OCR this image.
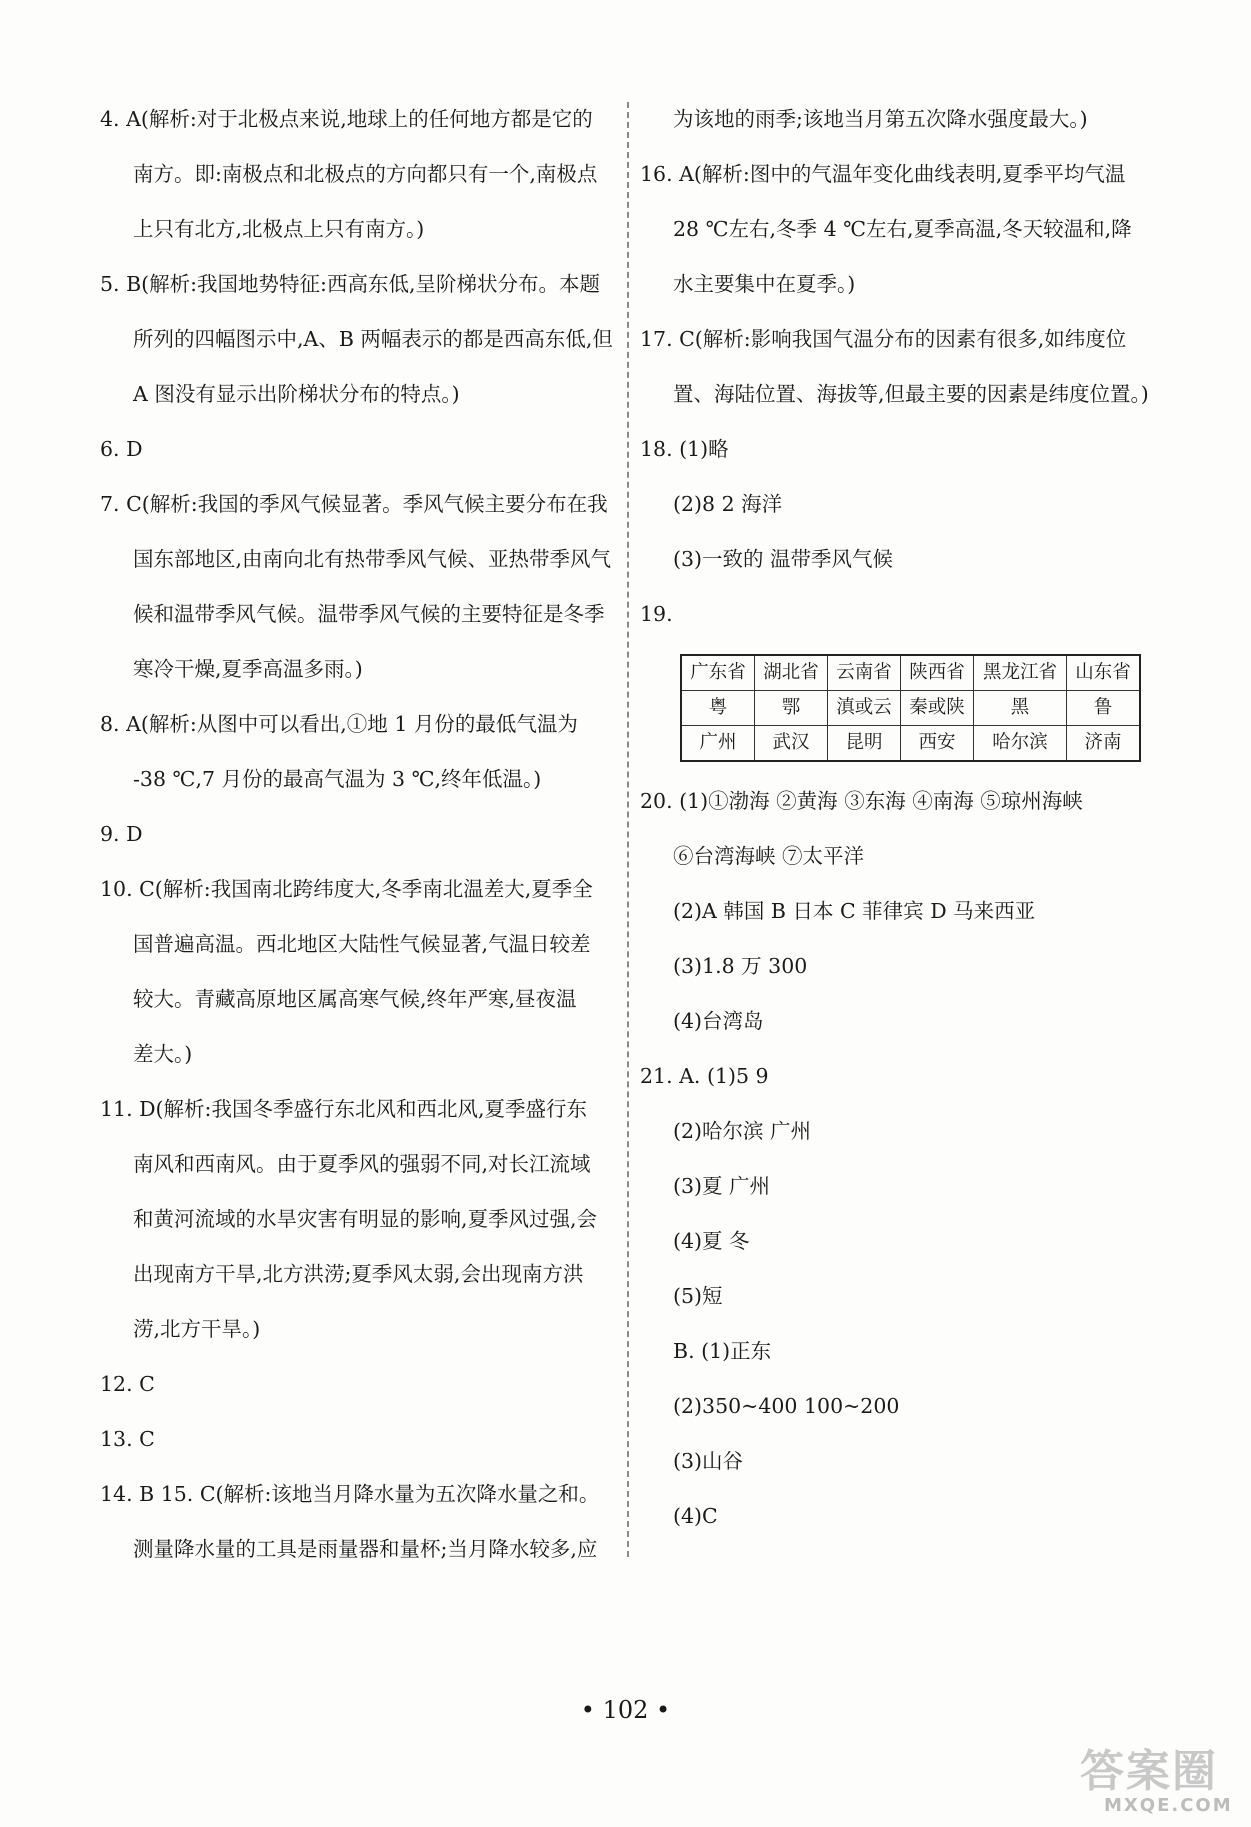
4. A(解析:对于北极点来说,地球上的任何地方都是它的
南方。即:南极点和北极点的方向都只有一个,南极点
上只有北方,北极点上只有南方。)
5. B(解析:我国地势特征:西高东低,呈阶梯状分布。本题
所列的四幅图示中,A、B 两幅表示的都是西高东低,但
A 图没有显示出阶梯状分布的特点。)
6. D
7. C(解析:我国的季风气候显著。季风气候主要分布在我
国东部地区,由南向北有热带季风气候、亚热带季风气
候和温带季风气候。温带季风气候的主要特征是冬季
寒冷干燥,夏季高温多雨。)
8. A(解析:从图中可以看出,①地 1 月份的最低气温为
-38 ℃,7 月份的最高气温为 3 ℃,终年低温。)
9. D
10. C(解析:我国南北跨纬度大,冬季南北温差大,夏季全
国普遍高温。西北地区大陆性气候显著,气温日较差
较大。青藏高原地区属高寒气候,终年严寒,昼夜温
差大。)
11. D(解析:我国冬季盛行东北风和西北风,夏季盛行东
南风和西南风。由于夏季风的强弱不同,对长江流域
和黄河流域的水旱灾害有明显的影响,夏季风过强,会
出现南方干旱,北方洪涝;夏季风太弱,会出现南方洪
涝,北方干旱。)
12. C
13. C
14. B 15. C(解析:该地当月降水量为五次降水量之和。
测量降水量的工具是雨量器和量杯;当月降水较多,应
为该地的雨季;该地当月第五次降水强度最大。)
16. A(解析:图中的气温年变化曲线表明,夏季平均气温
28 ℃左右,冬季 4 ℃左右,夏季高温,冬天较温和,降
水主要集中在夏季。)
17. C(解析:影响我国气温分布的因素有很多,如纬度位
置、海陆位置、海拔等,但最主要的因素是纬度位置。)
18. (1)略
(2)8 2 海洋
(3)一致的 温带季风气候
19.
广东省	湖北省	云南省	陕西省	黑龙江省	山东省
粤	鄂	滇或云	秦或陕	黑	鲁
广州	武汉	昆明	西安	哈尔滨	济南
20. (1)①渤海 ②黄海 ③东海 ④南海 ⑤琼州海峡
⑥台湾海峡 ⑦太平洋
(2)A 韩国 B 日本 C 菲律宾 D 马来西亚
(3)1.8 万 300
(4)台湾岛
21. A. (1)5 9
(2)哈尔滨 广州
(3)夏 广州
(4)夏 冬
(5)短
B. (1)正东
(2)350~400 100~200
(3)山谷
(4)C
• 102 •
答案圈
MXQE.COM
